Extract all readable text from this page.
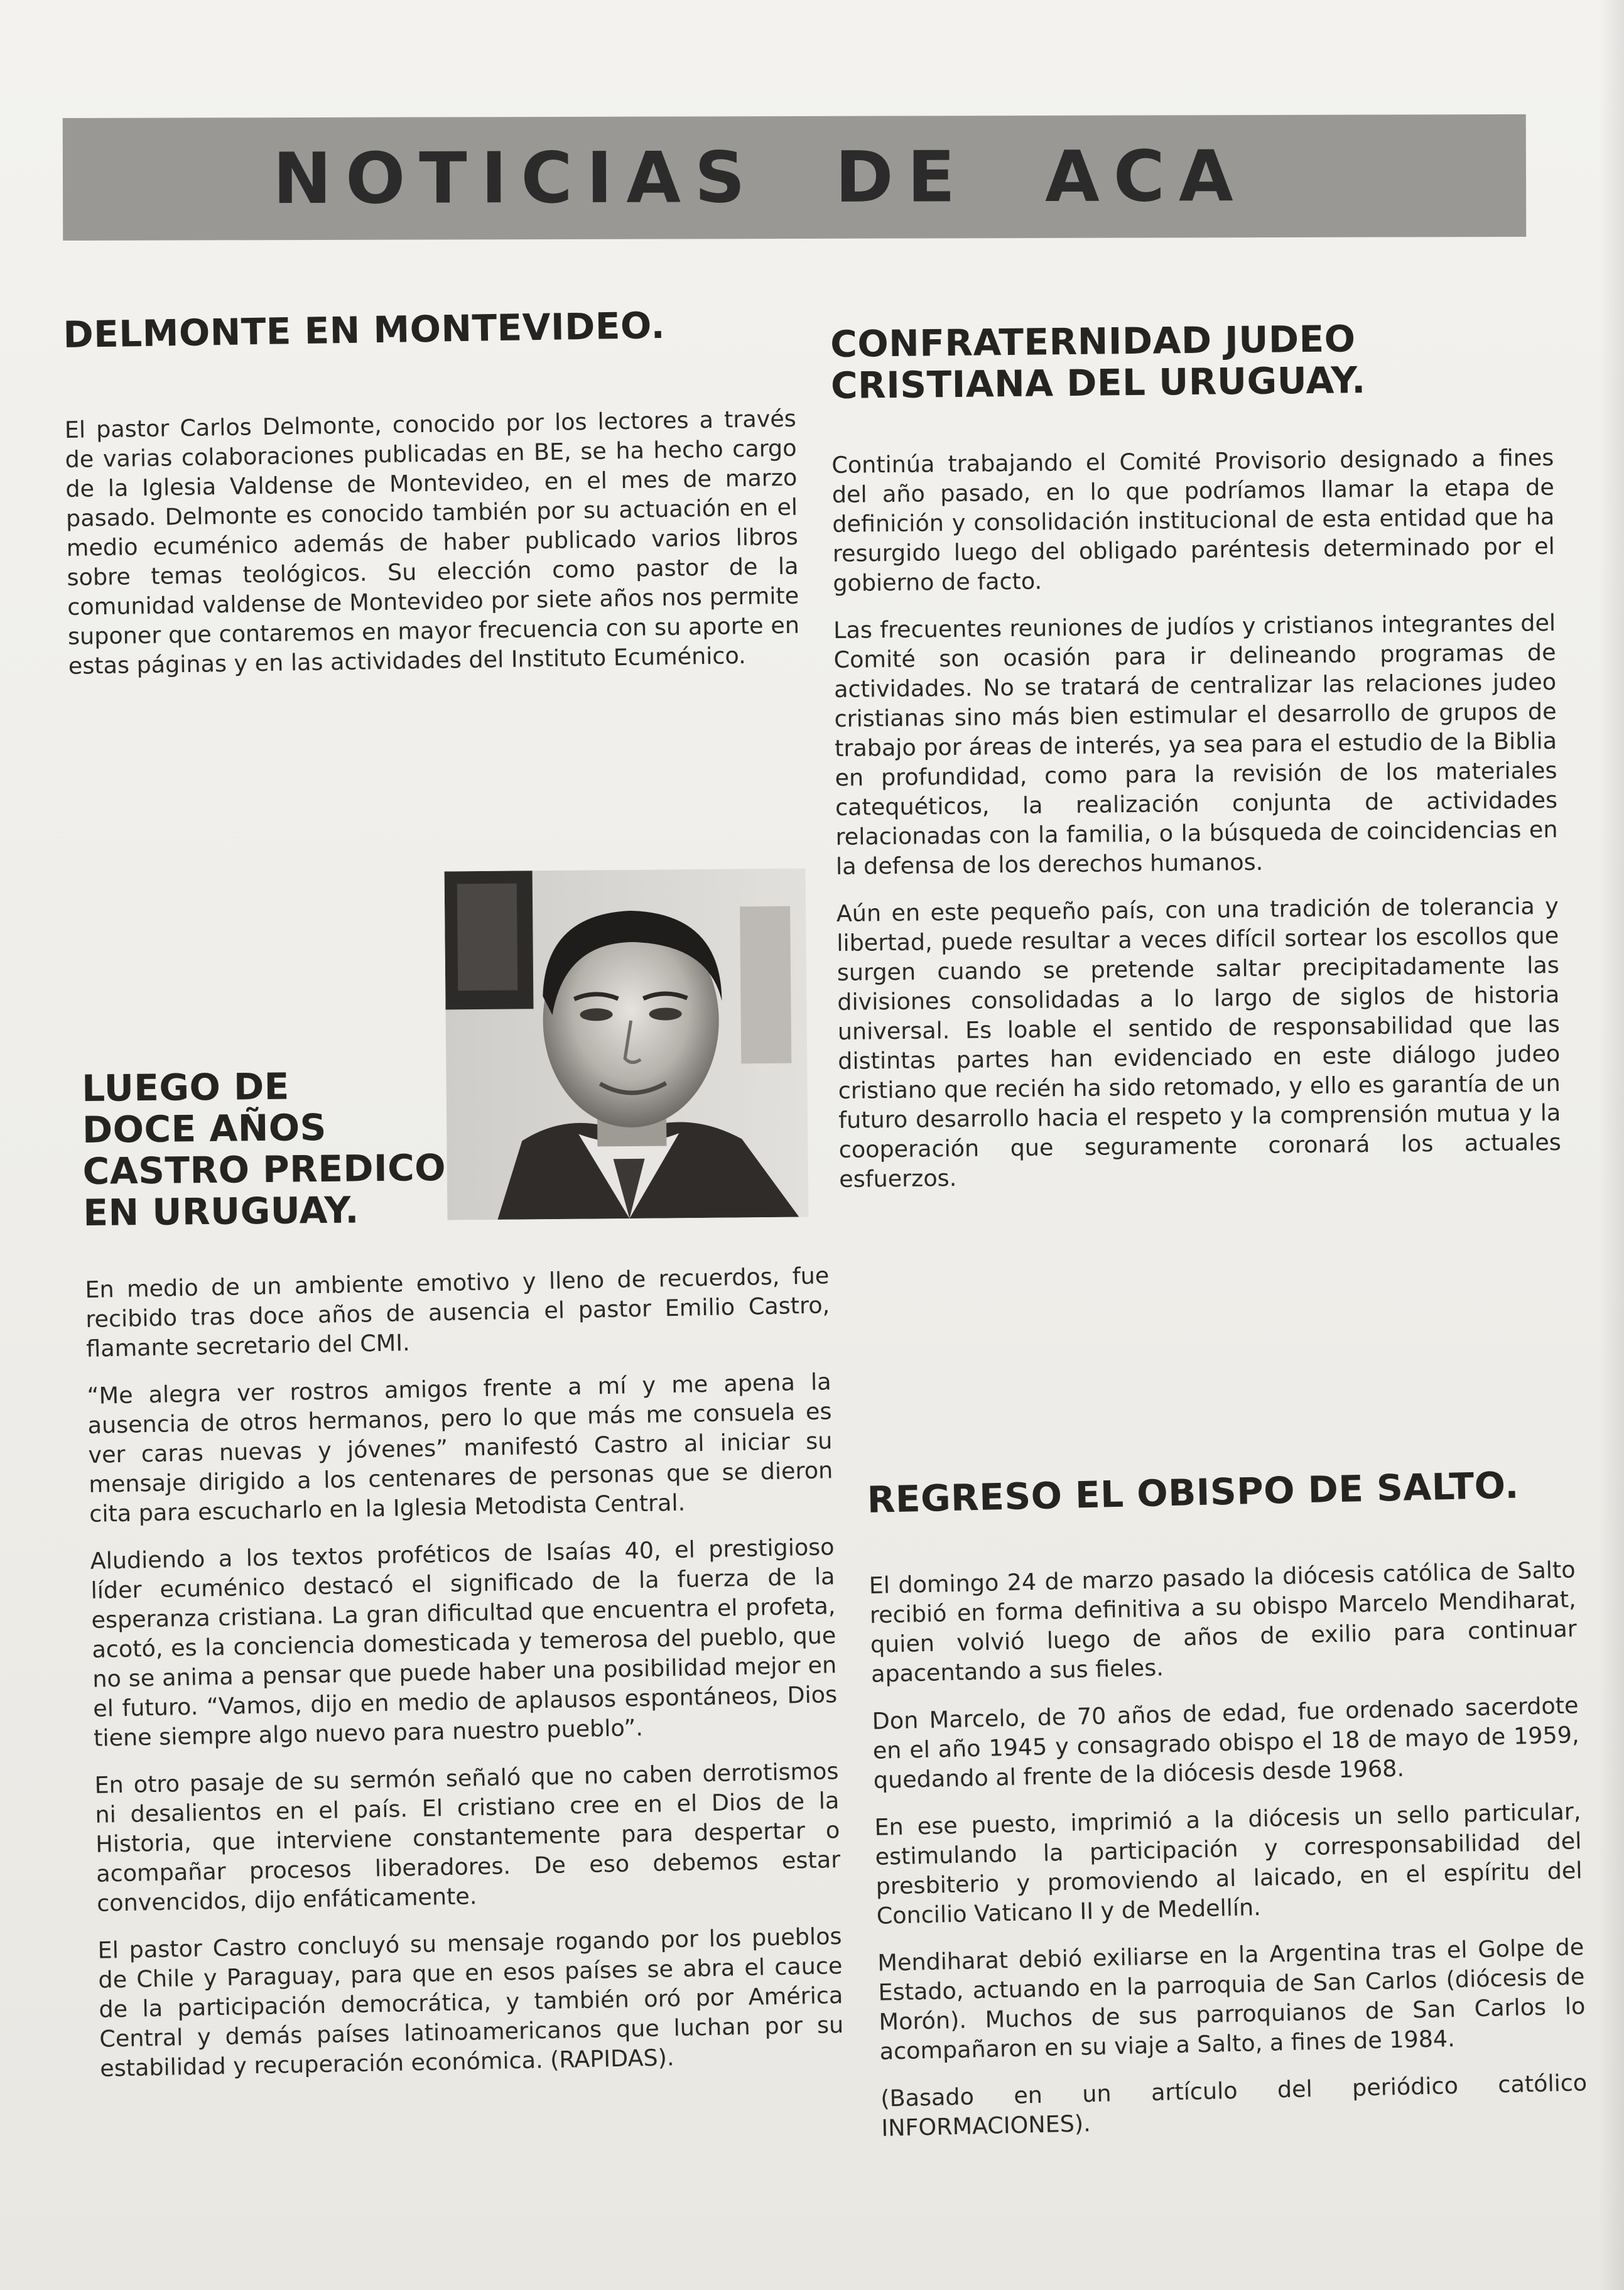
NOTICIAS DE ACA
DELMONTE EN MONTEVIDEO.

El pastor Carlos Delmonte, conocido por los lectores a través de varias colaboraciones publicadas en BE, se ha hecho cargo de la Iglesia Valdense de Montevideo, en el mes de marzo pasado. Delmonte es conocido también por su actuación en el medio ecuménico además de haber publicado varios libros sobre temas teológicos. Su elección como pastor de la comunidad valdense de Montevideo por siete años nos permite suponer que contaremos en mayor frecuencia con su aporte en estas páginas y en las actividades del Instituto Ecuménico.

LUEGO DE
DOCE AÑOS
CASTRO PREDICO
EN URUGUAY.

En medio de un ambiente emotivo y lleno de recuerdos, fue recibido tras doce años de ausencia el pastor Emilio Castro, flamante secretario del CMI.

“Me alegra ver rostros amigos frente a mí y me apena la ausencia de otros hermanos, pero lo que más me consuela es ver caras nuevas y jóvenes” manifestó Castro al iniciar su mensaje dirigido a los centenares de personas que se dieron cita para escucharlo en la Iglesia Metodista Central.

Aludiendo a los textos proféticos de Isaías 40, el prestigioso líder ecuménico destacó el significado de la fuerza de la esperanza cristiana. La gran dificultad que encuentra el profeta, acotó, es la conciencia domesticada y temerosa del pueblo, que no se anima a pensar que puede haber una posibilidad mejor en el futuro. “Vamos, dijo en medio de aplausos espontáneos, Dios tiene siempre algo nuevo para nuestro pueblo”.

En otro pasaje de su sermón señaló que no caben derrotismos ni desalientos en el país. El cristiano cree en el Dios de la Historia, que interviene constantemente para despertar o acompañar procesos liberadores. De eso debemos estar convencidos, dijo enfáticamente.

El pastor Castro concluyó su mensaje rogando por los pueblos de Chile y Paraguay, para que en esos países se abra el cauce de la participación democrática, y también oró por América Central y demás países latinoamericanos que luchan por su estabilidad y recuperación económica. (RAPIDAS).

CONFRATERNIDAD JUDEO
CRISTIANA DEL URUGUAY.

Continúa trabajando el Comité Provisorio designado a fines del año pasado, en lo que podríamos llamar la etapa de definición y consolidación institucional de esta entidad que ha resurgido luego del obligado paréntesis determinado por el gobierno de facto.

Las frecuentes reuniones de judíos y cristianos integrantes del Comité son ocasión para ir delineando programas de actividades. No se tratará de centralizar las relaciones judeo cristianas sino más bien estimular el desarrollo de grupos de trabajo por áreas de interés, ya sea para el estudio de la Biblia en profundidad, como para la revisión de los materiales catequéticos, la realización conjunta de actividades relacionadas con la familia, o la búsqueda de coincidencias en la defensa de los derechos humanos.

Aún en este pequeño país, con una tradición de tolerancia y libertad, puede resultar a veces difícil sortear los escollos que surgen cuando se pretende saltar precipitadamente las divisiones consolidadas a lo largo de siglos de historia universal. Es loable el sentido de responsabilidad que las distintas partes han evidenciado en este diálogo judeo cristiano que recién ha sido retomado, y ello es garantía de un futuro desarrollo hacia el respeto y la comprensión mutua y la cooperación que seguramente coronará los actuales esfuerzos.

REGRESO EL OBISPO DE SALTO.

El domingo 24 de marzo pasado la diócesis católica de Salto recibió en forma definitiva a su obispo Marcelo Mendiharat, quien volvió luego de años de exilio para continuar apacentando a sus fieles.

Don Marcelo, de 70 años de edad, fue ordenado sacerdote en el año 1945 y consagrado obispo el 18 de mayo de 1959, quedando al frente de la diócesis desde 1968.

En ese puesto, imprimió a la diócesis un sello particular, estimulando la participación y corresponsabilidad del presbiterio y promoviendo al laicado, en el espíritu del Concilio Vaticano II y de Medellín.

Mendiharat debió exiliarse en la Argentina tras el Golpe de Estado, actuando en la parroquia de San Carlos (diócesis de Morón). Muchos de sus parroquianos de San Carlos lo acompañaron en su viaje a Salto, a fines de 1984.

(Basado en un artículo del periódico católico INFORMACIONES).
